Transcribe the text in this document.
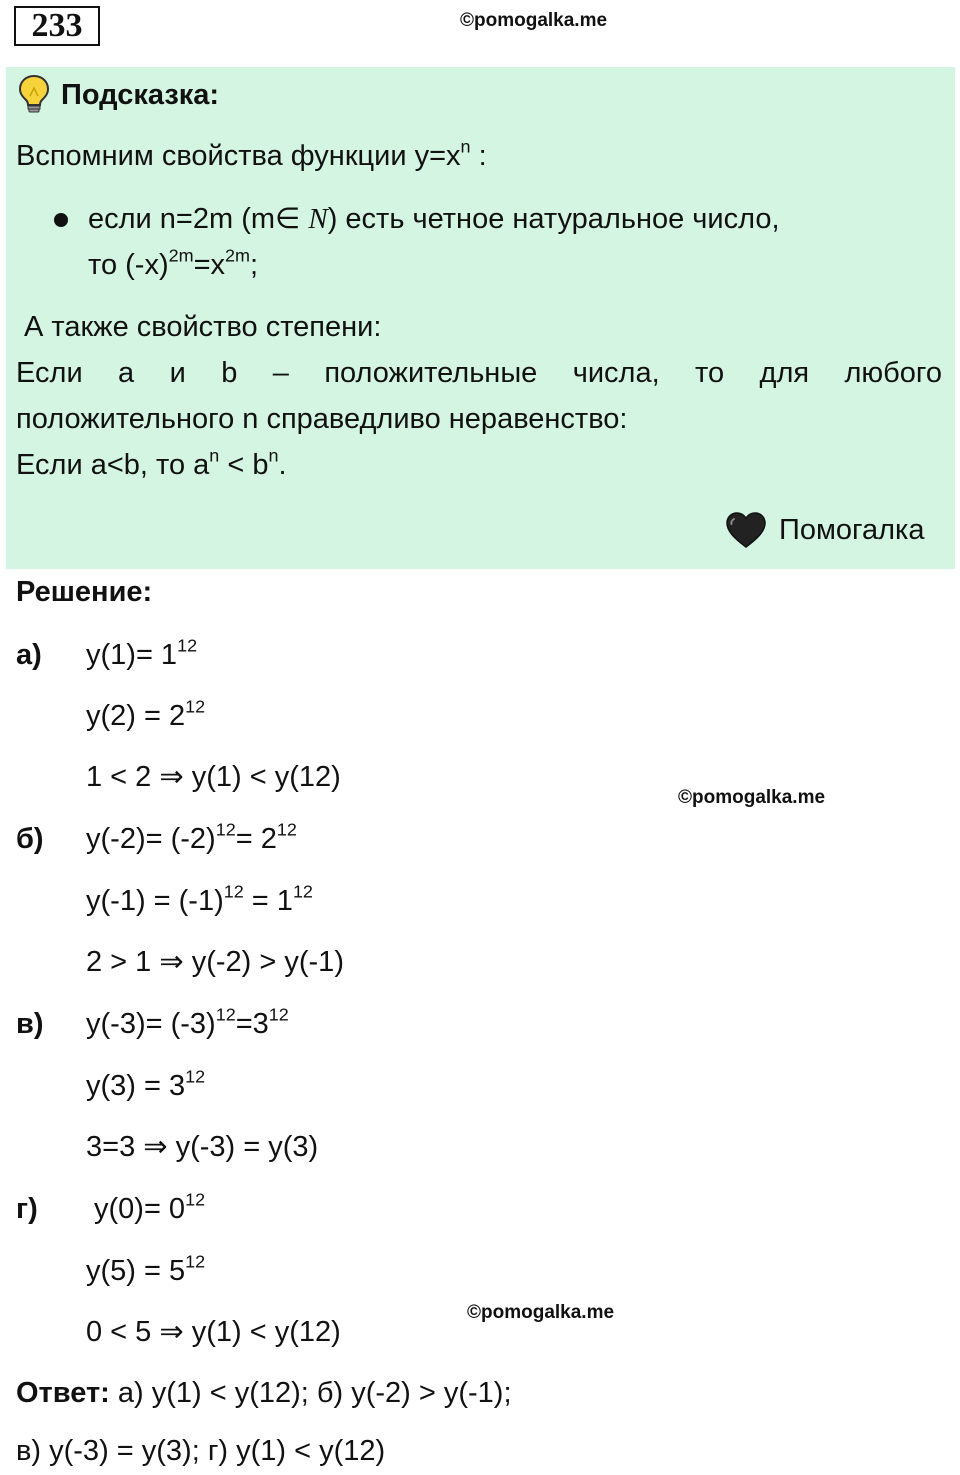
233	©pomogalka.me
Подсказка:
Вспомним свойства функции $y=x^n$ :
если n=2m (m∈ N) есть четное натуральное число,
то $(-x)^{2m}=x^{2m}$;
А также свойство степени:
Если a и b – положительные числа, то для любого
положительного n справедливо неравенство:
Если a<b, то $a^n < b^n$.
Помогалка
Решение:
а) $y(1)= 1^{12}$
$y(2) = 2^{12}$
1 < 2 ⇒ y(1) < y(12)
©pomogalka.me
б) $y(-2)= (-2)^{12}= 2^{12}$
$y(-1) = (-1)^{12} = 1^{12}$
2 > 1 ⇒ y(-2) > y(-1)
в) $y(-3)= (-3)^{12}=3^{12}$
$y(3) = 3^{12}$
3=3 ⇒ y(-3) = y(3)
г) $y(0)= 0^{12}$
$y(5) = 5^{12}$
©pomogalka.me
0 < 5 ⇒ y(1) < y(12)
Ответ: а) y(1) < y(12); б) y(-2) > y(-1);
в) y(-3) = y(3); г) y(1) < y(12)
